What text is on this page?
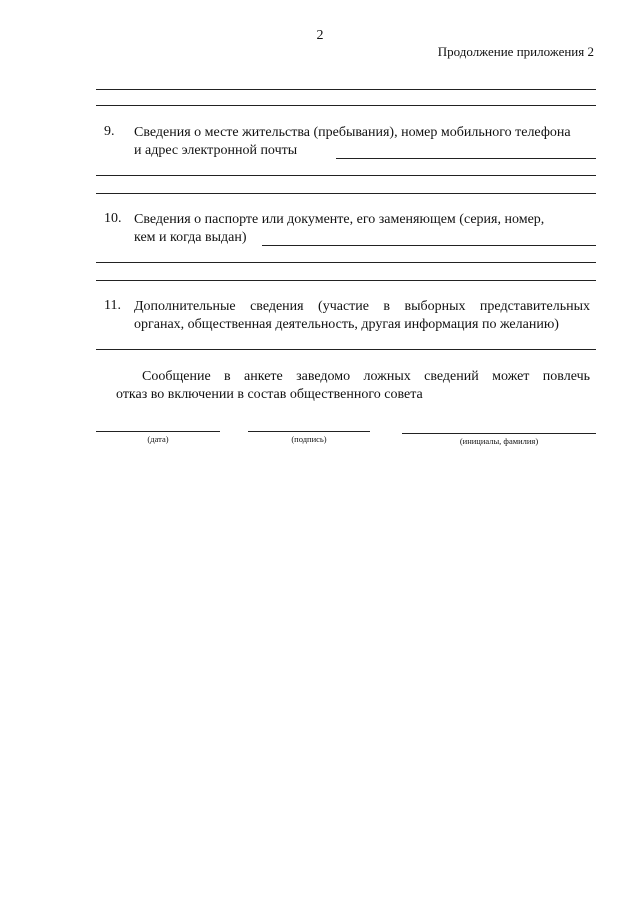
2
Продолжение приложения 2
9. Сведения о месте жительства (пребывания), номер мобильного телефона
и адрес электронной почты
10. Сведения о паспорте или документе, его заменяющем (серия, номер,
кем и когда выдан)
11. Дополнительные сведения (участие в выборных представительных
органах, общественная деятельность, другая информация по желанию)
Сообщение в анкете заведомо ложных сведений может повлечь
отказ во включении в состав общественного совета
(дата)	(подпись)	(инициалы, фамилия)
